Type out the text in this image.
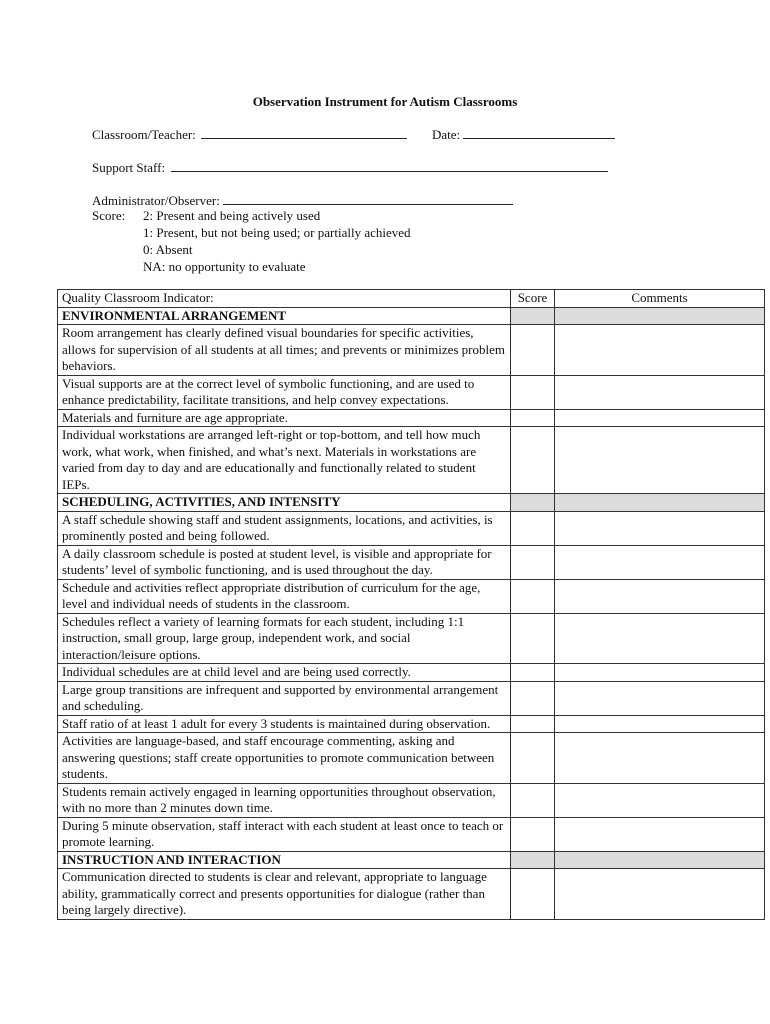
Observation Instrument for Autism Classrooms
Classroom/Teacher:	Date:
Support Staff:
Administrator/Observer:
Score:	2: Present and being actively used
1: Present, but not being used; or partially achieved
0: Absent
NA: no opportunity to evaluate
Quality Classroom Indicator:	Score	Comments
ENVIRONMENTAL ARRANGEMENT		
Room arrangement has clearly defined visual boundaries for specific activities, allows for supervision of all students at all times; and prevents or minimizes problem behaviors.		
Visual supports are at the correct level of symbolic functioning, and are used to enhance predictability, facilitate transitions, and help convey expectations.		
Materials and furniture are age appropriate.		
Individual workstations are arranged left-right or top-bottom, and tell how much work, what work, when finished, and what’s next. Materials in workstations are varied from day to day and are educationally and functionally related to student IEPs.		
SCHEDULING, ACTIVITIES, AND INTENSITY		
A staff schedule showing staff and student assignments, locations, and activities, is prominently posted and being followed.		
A daily classroom schedule is posted at student level, is visible and appropriate for students’ level of symbolic functioning, and is used throughout the day.		
Schedule and activities reflect appropriate distribution of curriculum for the age, level and individual needs of students in the classroom.		
Schedules reflect a variety of learning formats for each student, including 1:1 instruction, small group, large group, independent work, and social interaction/leisure options.		
Individual schedules are at child level and are being used correctly.		
Large group transitions are infrequent and supported by environmental arrangement and scheduling.		
Staff ratio of at least 1 adult for every 3 students is maintained during observation.		
Activities are language-based, and staff encourage commenting, asking and answering questions; staff create opportunities to promote communication between students.		
Students remain actively engaged in learning opportunities throughout observation, with no more than 2 minutes down time.		
During 5 minute observation, staff interact with each student at least once to teach or promote learning.		
INSTRUCTION AND INTERACTION		
Communication directed to students is clear and relevant, appropriate to language ability, grammatically correct and presents opportunities for dialogue (rather than being largely directive).		
